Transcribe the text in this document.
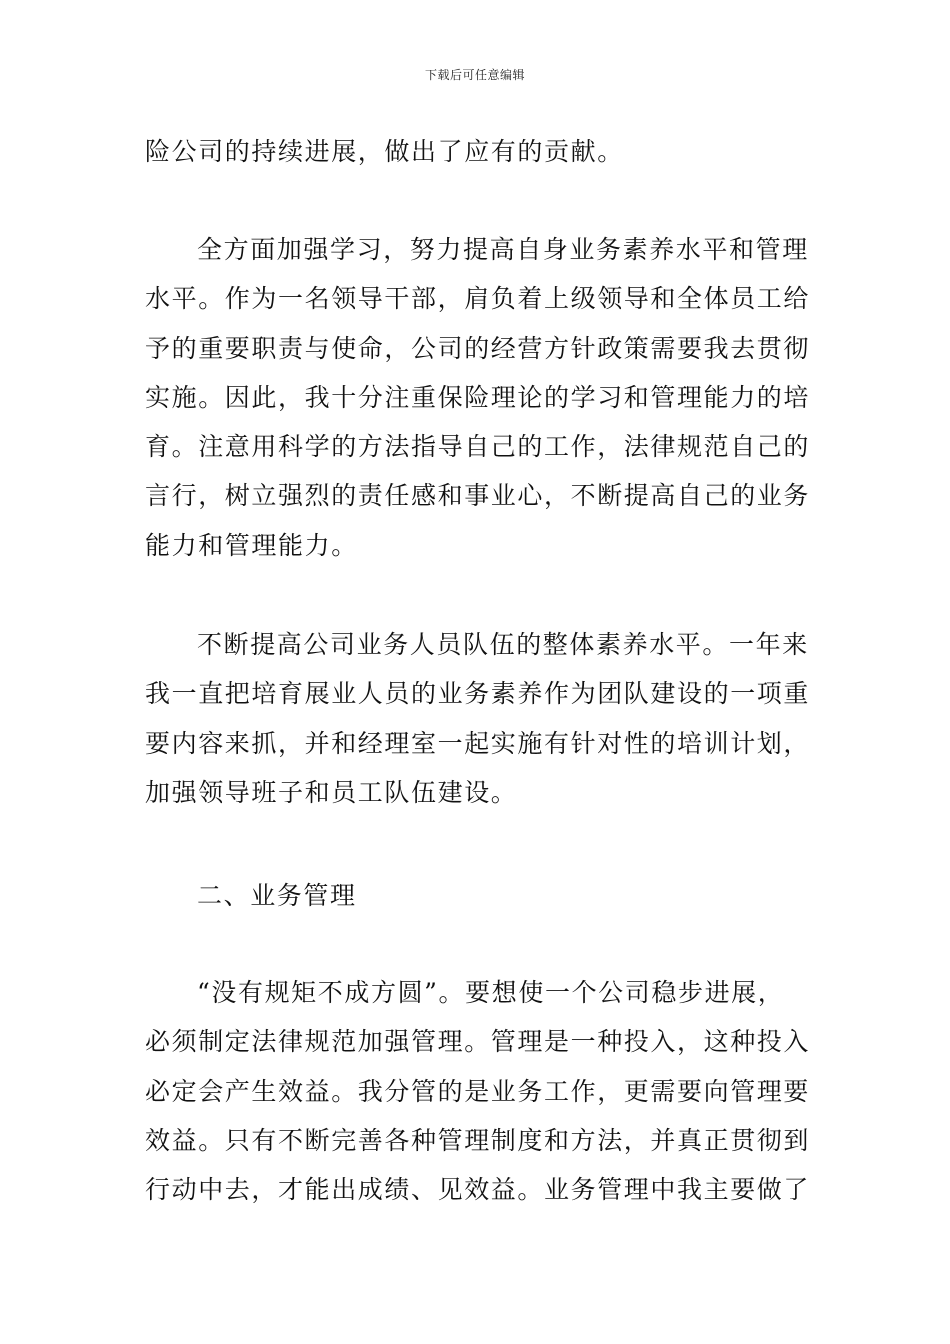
下载后可任意编辑
险公司的持续进展，做出了应有的贡献。
全方面加强学习，努力提高自身业务素养水平和管理
水平。作为一名领导干部，肩负着上级领导和全体员工给
予的重要职责与使命，公司的经营方针政策需要我去贯彻
实施。因此，我十分注重保险理论的学习和管理能力的培
育。注意用科学的方法指导自己的工作，法律规范自己的
言行，树立强烈的责任感和事业心，不断提高自己的业务
能力和管理能力。
不断提高公司业务人员队伍的整体素养水平。一年来
我一直把培育展业人员的业务素养作为团队建设的一项重
要内容来抓，并和经理室一起实施有针对性的培训计划，
加强领导班子和员工队伍建设。
二、业务管理
“没有规矩不成方圆”。要想使一个公司稳步进展，
必须制定法律规范加强管理。管理是一种投入，这种投入
必定会产生效益。我分管的是业务工作，更需要向管理要
效益。只有不断完善各种管理制度和方法，并真正贯彻到
行动中去，才能出成绩、见效益。业务管理中我主要做了
